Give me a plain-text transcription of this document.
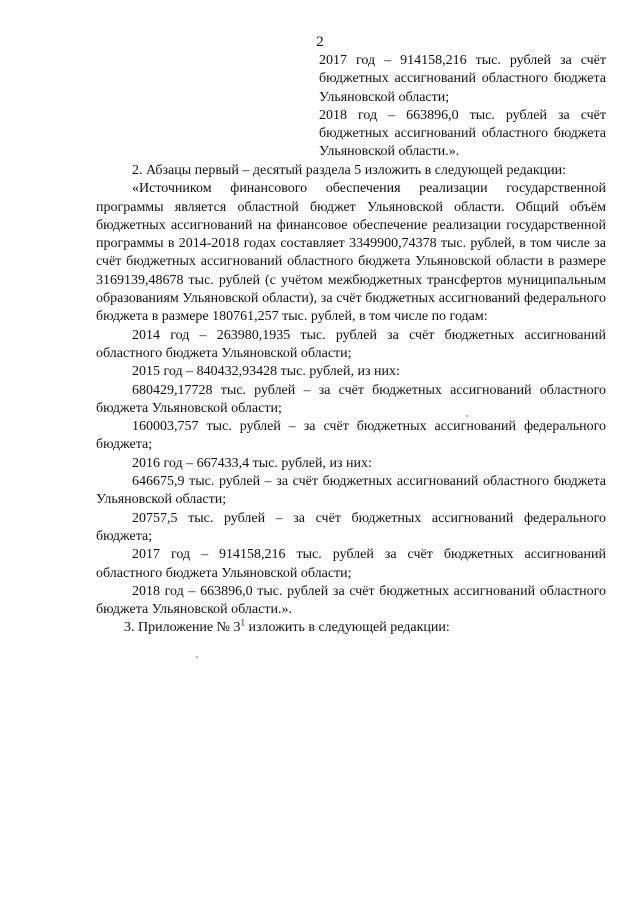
2

2017 год – 914158,216 тыс. рублей за счёт бюджетных ассигнований областного бюджета Ульяновской области;

2018 год – 663896,0 тыс. рублей за счёт бюджетных ассигнований областного бюджета Ульяновской области.».

2. Абзацы первый – десятый раздела 5 изложить в следующей редакции:

«Источником финансового обеспечения реализации государственной программы является областной бюджет Ульяновской области. Общий объём бюджетных ассигнований на финансовое обеспечение реализации государственной программы в 2014-2018 годах составляет 3349900,74378 тыс. рублей, в том числе за счёт бюджетных ассигнований областного бюджета Ульяновской области в размере 3169139,48678 тыс. рублей (с учётом межбюджетных трансфертов муниципальным образованиям Ульяновской области), за счёт бюджетных ассигнований федерального бюджета в размере 180761,257 тыс. рублей, в том числе по годам:

2014 год – 263980,1935 тыс. рублей за счёт бюджетных ассигнований областного бюджета Ульяновской области;

2015 год – 840432,93428 тыс. рублей, из них:

680429,17728 тыс. рублей – за счёт бюджетных ассигнований областного бюджета Ульяновской области;

160003,757 тыс. рублей – за счёт бюджетных ассигнований федерального бюджета;

2016 год – 667433,4 тыс. рублей, из них:

646675,9 тыс. рублей – за счёт бюджетных ассигнований областного бюджета Ульяновской области;

20757,5 тыс. рублей – за счёт бюджетных ассигнований федерального бюджета;

2017 год – 914158,216 тыс. рублей за счёт бюджетных ассигнований областного бюджета Ульяновской области;

2018 год – 663896,0 тыс. рублей за счёт бюджетных ассигнований областного бюджета Ульяновской области.».

3. Приложение № $3^1$ изложить в следующей редакции:
